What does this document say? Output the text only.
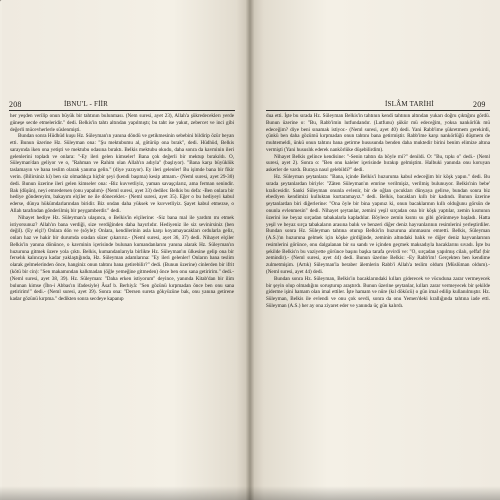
208	İBNU'L - FİİR

her yeşden verilip onun büyük bir tahtının bulunması. (Nem suresi, ayet 23), Allah'a şükredeceklerı yerde güneşe secde etmeleridir." dedi. Belkis'in tahtı altından yapılmıştı; bu taht ise yakut, zebercet ve inci gibi değerli mücevherlerle süslenmişti.

Bundan sonra Hüdhüd kuşu Hz. Süleyman'ın yanına döndü ve getikmesinin sebebini bildirip özür beyan etti. Bunun üzerine Hz. Süleyman ona: "Şu mektubumu al, götürüp ona bırak", dedi. Hüdhüd, Belkis sarayında iken ona yetişti ve mektubu odasına bıraktı. Belkis mektubu okudu, daha sonra da kavminin ileri gelenlerini topladı ve onlara: "-Ey ileri gelen kimseler! Bana çok değerli bir mektup bırakıldı. O, Süleyman'dan geliyor ve o, "Rahman ve Rahim olan Allah'ın adıyla" (başlıyor). "Bana karşı büyüklük taslamayın ve bana teslim olarak yanıma gelin." (diye yazıyor). Ey ileri gelenler! Bu işimde bana bir fikir verin. (Bilirsiniz ki) ben siz olmadıkça hiçbir şeyi (kendi başıma) kesip atmam.- (Neml suresi, ayet 29-30) dedi. Bunun üzerine ileri gelen kimseler ona: -Biz kuvvetliyiz, yaman savaşçılarız, ama ferman senindir. Bak (düşün), neyi emredersen (onu yapalım)- (Neml suresi, ayet 33) dediler. Belkis bu defa: -Ben onlara bir hediye göndereyim, bakayım elçiler ne ile dönecekler.- (Neml suresi, ayet 35). Eğer o bu hediyeyi kabul ederse, dünya hükümdarlarından biridir. Biz ondan daha yüksek ve kuvvetliyiz. Şayet kabul etmezse, o Allah tarafından gönderilmiş bir peygamberdir." dedi.

Nihayet hediye Hz. Süleyman'a ulaşınca, o Belkis'in elçilerine: -Siz bana mal ile yardım mı etmek istiyorsunuz? Allah'ın bana verdiği, size verdiğinden daha hayırlıdır. Hediyeniz ile siz sevinirsiniz (ben değil). (Ey elçi!) Onlara dön ve (söyle): Onlara, kendilerinin asla karşı koyamayacakları ordularla geliz, onları haz ve hakir bir durumda oradan süzer çıkarırız.- (Neml suresi, ayet 36, 37) dedi. Nihayet elçiler Belkis'in yanına dönünce, o kavminin içerisinde bulunan kumandanlarını yanına alarak Hz. Süleyman'ın huzuruna gitmek üzere yola çıktı. Belkis, kumandanlarıyla birlikte Hz. Süleyman'ın ülkesine gelip ona bir ferselık kalıncaya kadar yaklaştığında, Hz. Süleyman adamlarına: "Ey ileri gelenler! Onların bana teslim olarak gelmelerinden önce, hanginiz onun tahtını bana getirebilir?" dedi. (Bunun üzerine) cinlerden bir ifrit (kötü bir cin): "Sen makamından kalkmadan (öğle yemeğine gitmeden) önce ben onu sana getiririm." dedi.- (Neml suresi, ayet 38, 39). Hz. Süleyman: "Daha erken istiyorum" deyince, yanında Kitab'dan bir ilim bulunan kimse (İbn-i Abbas'ın ifadesiyle) Âsaf b. Berhiyâ: "Sen gözünü kırpmadan önce ben onu sana getiririm!" dedi.- (Neml suresi, ayet 39). Sonra ona: "Dersen sureta gökyüzüne bak, onu yanına getirene kadar gözünü kırpma." dedikten sonra secdeye kapanıp

İSLÂM TARİHİ	209

dua etti. İşte bu sırada Hz. Süleyman Belkis'in tahtının kendi tahtının altından yukarı doğru çıktığını gördü. Bunun üzerine o: "Bu, Rabb'imin lutfundandır. (Lutfunu) şükür mü edeceğim, yoksa nankörlük mü edeceğim? diye beni sınamak istiyor.- (Neml suresi, ayet 40) dedi. Yani Rabb'ime şükretmem gerekirdi, çünkü ben daha gözümü kırpmadan onun tahtını bana getirmiştir. Rabb'ime karşı nankörlüğü düşmem de muhtemeldi, ünkü onun tahtını bana getirme hususunda benden daha muktedir birini benim elimize altına vermişti (Yani hususlık ederek nankörlüke düşebilirdim).

Nihayet Belkis gelince kendisine: "-Senin tahtın da böyle mi?" denildi. O: "Bu, tıpkı o" dedi.- (Neml suresi, ayet 2). Sonra o: "Ben onu kaleler içerisinde bırakıp gelmiştim. Halbuki yanında onu koruyan askerler de vardı. Buraya nasıl gelebildi?" dedi.

Hz. Süleyman şeytanlara: "Bana, içinde Belkis'i huzuruma kabul edeceğim bir köşk yapın." dedi. Bu sırada şeytanlardan biriyle: "Zâten Süleyman'ın emrine verilmişiz, verilmiş bulunuyor. Belkis'nin bebe' kralicesidir. Sanki Süleyman onunla evlenir, bir de oğlan çocukları dünyaya gelirse, bundan sonra biz ebediyen kendimizi kulluktan kurtaramayız." dedi. Belkis, bacakları kıllı bir kadındı. Bunun üzerine şeytanlardan biri diğerlerine: "Ona öyle bir bina yapınız ki, onun bacaklarının kıllı olduğunu görsün de onunla evlenmesin" dedi. Nihayet şeytanlar, zemini yeşil sırçadan ona bir köşk yaptılar, zemin kısmının üzerini ise beyaz sırçadan tabakalarla kapladılar. Böylece zemin kısmı su gibi görünmeye başladı. Hatta yeşil ve beyaz sırça tabakaların arasına balık ve benzeri diğer deniz hayvanlarının resimlerini yerleştirdiler. Bundan sonra Hz. Süleyman tahtına oturup Belkis'in huzuruna alınmasını emretti. Belkis, Süleyman (A.S.)'ın huzuruna gelmek için köşke girdiğinde, zeminin altındaki balık ve diğer deniz hayvanlarının resimlerini görünce, onu dalgalanan bir su sandı ve içinden geçmek maksadıyla bacaklarını sıvadı. İşte bu şekilde Belkis'n bu vaziyette görünce başını başka tarafa çevirdi ve: "O, sırçadan yapılmış cilalı, şeffaf (bir zemindir).- (Neml suresi, ayet 44) dedi. Bunun üzerine Belkis: -Ey Rabb'im! Gerçekten ben kendime zulmetmişim. (Artık) Süleyman'la beraber âlemlerin Rabb'i Allah'a teslim oldum (Müslüman oldum).- (Neml suresi, ayet 44) dedi.

Bundan sonra Hz. Süleyman, Belkis'in bacaklarındaki kılları giderecek ve vücuduna zarar vermeyecek bir şeyin olup olmadığını soruşturup araştırdı. Bunun üzerine şeytanlar, kılları zarar vermeyecek bir şekilde giderme işini hamam olan imal ettiler. İşte hamam ve nûre (kıl dökücü) o gün imal edilip kullanılmıştır. Hz. Süleyman, Belkis ile evlendi ve onu çok sevdi, sonra da onu Yemen'deki krallığında tahtına iade etti. Süleyman (A.S.) her ay ona ziyaret eder ve yanında üç gün kalırdı.
